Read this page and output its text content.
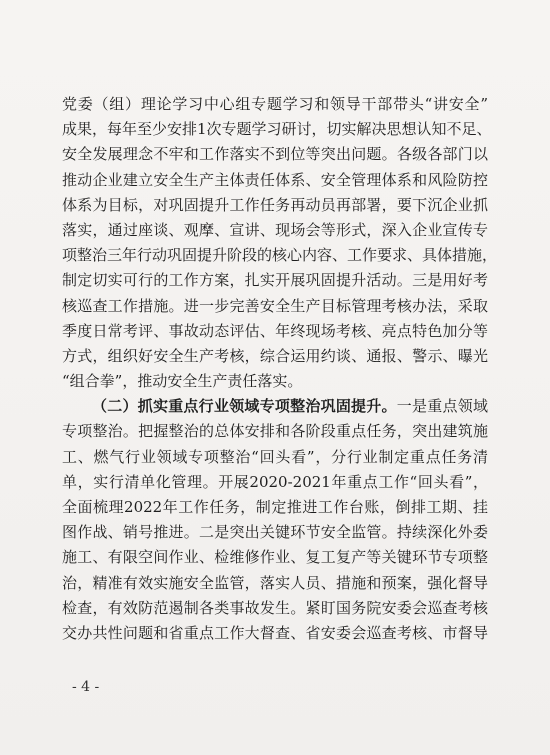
党委（组）理论学习中心组专题学习和领导干部带头“讲安全”
成果，每年至少安排1次专题学习研讨，切实解决思想认知不足、
安全发展理念不牢和工作落实不到位等突出问题。各级各部门以
推动企业建立安全生产主体责任体系、安全管理体系和风险防控
体系为目标，对巩固提升工作任务再动员再部署，要下沉企业抓
落实，通过座谈、观摩、宣讲、现场会等形式，深入企业宣传专
项整治三年行动巩固提升阶段的核心内容、工作要求、具体措施，
制定切实可行的工作方案，扎实开展巩固提升活动。三是用好考
核巡查工作措施。进一步完善安全生产目标管理考核办法，采取
季度日常考评、事故动态评估、年终现场考核、亮点特色加分等
方式，组织好安全生产考核，综合运用约谈、通报、警示、曝光
“组合拳”，推动安全生产责任落实。
（二）抓实重点行业领域专项整治巩固提升。一是重点领域
专项整治。把握整治的总体安排和各阶段重点任务，突出建筑施
工、燃气行业领域专项整治“回头看”，分行业制定重点任务清
单，实行清单化管理。开展2020-2021年重点工作“回头看”，
全面梳理2022年工作任务，制定推进工作台账，倒排工期、挂
图作战、销号推进。二是突出关键环节安全监管。持续深化外委
施工、有限空间作业、检维修作业、复工复产等关键环节专项整
治，精准有效实施安全监管，落实人员、措施和预案，强化督导
检查，有效防范遏制各类事故发生。紧盯国务院安委会巡查考核
交办共性问题和省重点工作大督查、省安委会巡查考核、市督导
- 4 -
